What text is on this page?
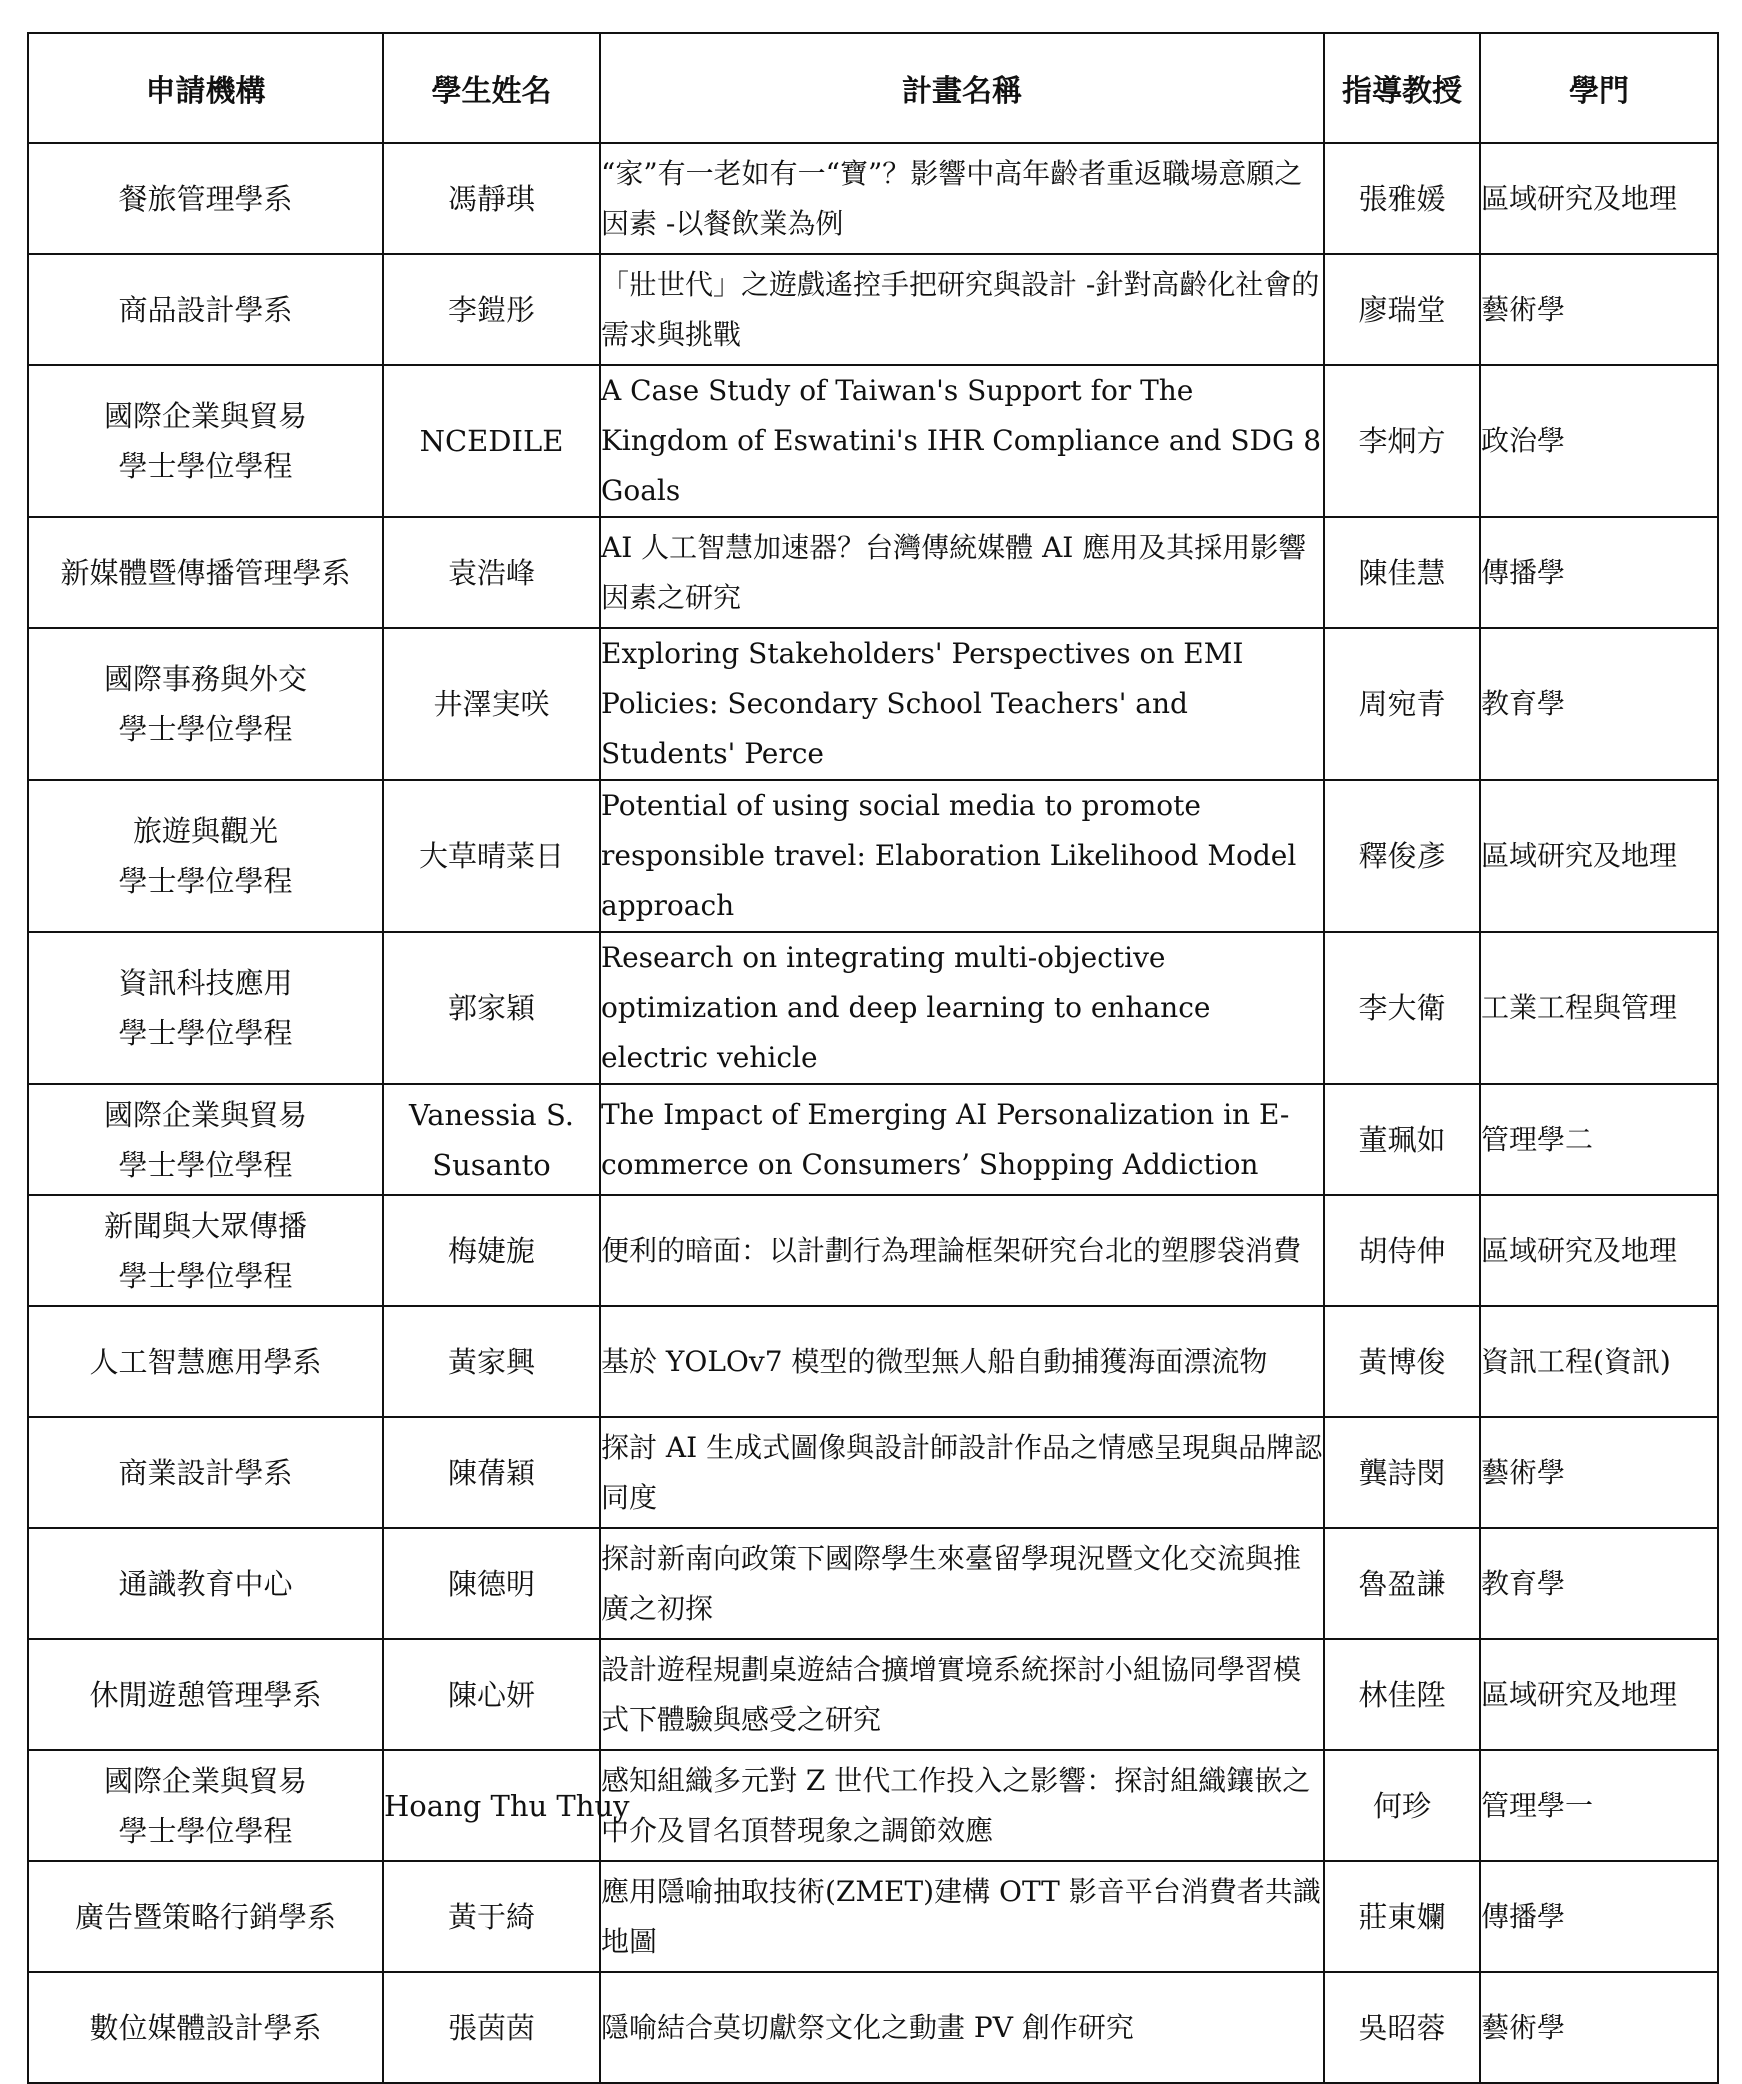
申請機構	學生姓名	計畫名稱	指導教授	學門

餐旅管理學系	馮靜琪	“家”有一老如有一“寶”？影響中高年齡者重返職場意願之因素 -以餐飲業為例	張雅媛	區域研究及地理

商品設計學系	李鎧彤	「壯世代」之遊戲遙控手把研究與設計 -針對高齡化社會的需求與挑戰	廖瑞堂	藝術學

國際企業與貿易
學士學位學程	NCEDILE	A Case Study of Taiwan's Support for The Kingdom of Eswatini's IHR Compliance and SDG 8 Goals	李炯方	政治學

新媒體暨傳播管理學系	袁浩峰	AI 人工智慧加速器？台灣傳統媒體 AI 應用及其採用影響因素之研究	陳佳慧	傳播學

國際事務與外交
學士學位學程	井澤実咲	Exploring Stakeholders' Perspectives on EMI Policies: Secondary School Teachers' and Students' Perce	周宛青	教育學

旅遊與觀光
學士學位學程	大草晴菜日	Potential of using social media to promote responsible travel: Elaboration Likelihood Model approach	釋俊彥	區域研究及地理

資訊科技應用
學士學位學程	郭家穎	Research on integrating multi-objective optimization and deep learning to enhance electric vehicle	李大衛	工業工程與管理

國際企業與貿易
學士學位學程	Vanessia S.
Susanto	The Impact of Emerging AI Personalization in E-commerce on Consumers’ Shopping Addiction	董珮如	管理學二

新聞與大眾傳播
學士學位學程	梅婕旎	便利的暗面：以計劃行為理論框架研究台北的塑膠袋消費	胡侍伸	區域研究及地理

人工智慧應用學系	黃家興	基於 YOLOv7 模型的微型無人船自動捕獲海面漂流物	黃博俊	資訊工程(資訊)

商業設計學系	陳蒨穎	探討 AI 生成式圖像與設計師設計作品之情感呈現與品牌認同度	龔詩閔	藝術學

通識教育中心	陳德明	探討新南向政策下國際學生來臺留學現況暨文化交流與推廣之初探	魯盈謙	教育學

休閒遊憩管理學系	陳心妍	設計遊程規劃桌遊結合擴增實境系統探討小組協同學習模式下體驗與感受之研究	林佳陞	區域研究及地理

國際企業與貿易
學士學位學程	Hoang Thu Thuy	感知組織多元對 Z 世代工作投入之影響：探討組織鑲嵌之中介及冒名頂替現象之調節效應	何珍	管理學一

廣告暨策略行銷學系	黃于綺	應用隱喻抽取技術(ZMET)建構 OTT 影音平台消費者共識地圖	莊東孄	傳播學

數位媒體設計學系	張茵茵	隱喻結合莫切獻祭文化之動畫 PV 創作研究	吳昭蓉	藝術學
